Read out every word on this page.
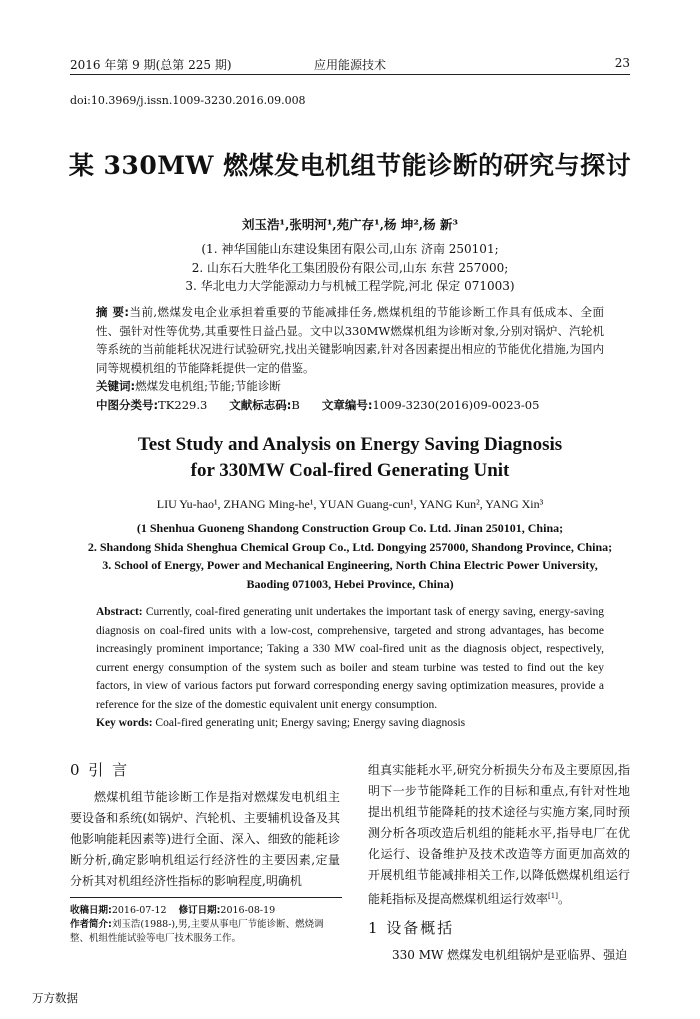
2016 年第 9 期(总第 225 期)	应用能源技术	23
doi:10.3969/j.issn.1009-3230.2016.09.008
某 330MW 燃煤发电机组节能诊断的研究与探讨
刘玉浩¹,张明河¹,苑广存¹,杨 坤²,杨 新³
(1. 神华国能山东建设集团有限公司,山东 济南 250101;
2. 山东石大胜华化工集团股份有限公司,山东 东营 257000;
3. 华北电力大学能源动力与机械工程学院,河北 保定 071003)
摘 要:当前,燃煤发电企业承担着重要的节能减排任务,燃煤机组的节能诊断工作具有低成本、全面性、强针对性等优势,其重要性日益凸显。文中以330MW燃煤机组为诊断对象,分别对锅炉、汽轮机等系统的当前能耗状况进行试验研究,找出关键影响因素,针对各因素提出相应的节能优化措施,为国内同等规模机组的节能降耗提供一定的借鉴。
关键词:燃煤发电机组;节能;节能诊断
中图分类号:TK229.3 文献标志码:B 文章编号:1009-3230(2016)09-0023-05
Test Study and Analysis on Energy Saving Diagnosis
for 330MW Coal-fired Generating Unit
LIU Yu-hao¹, ZHANG Ming-he¹, YUAN Guang-cun¹, YANG Kun², YANG Xin³
(1 Shenhua Guoneng Shandong Construction Group Co. Ltd. Jinan 250101, China;
2. Shandong Shida Shenghua Chemical Group Co., Ltd. Dongying 257000, Shandong Province, China;
3. School of Energy, Power and Mechanical Engineering, North China Electric Power University,
Baoding 071003, Hebei Province, China)
Abstract: Currently, coal-fired generating unit undertakes the important task of energy saving, energy-saving diagnosis on coal-fired units with a low-cost, comprehensive, targeted and strong advantages, has become increasingly prominent importance; Taking a 330 MW coal-fired unit as the diagnosis object, respectively, current energy consumption of the system such as boiler and steam turbine was tested to find out the key factors, in view of various factors put forward corresponding energy saving optimization measures, provide a reference for the size of the domestic equivalent unit energy consumption.
Key words: Coal-fired generating unit; Energy saving; Energy saving diagnosis
0 引 言

燃煤机组节能诊断工作是指对燃煤发电机组主要设备和系统(如锅炉、汽轮机、主要辅机设备及其他影响能耗因素等)进行全面、深入、细致的能耗诊断分析,确定影响机组运行经济性的主要因素,定量分析其对机组经济性指标的影响程度,明确机

组真实能耗水平,研究分析损失分布及主要原因,指明下一步节能降耗工作的目标和重点,有针对性地提出机组节能降耗的技术途径与实施方案,同时预测分析各项改造后机组的能耗水平,指导电厂在优化运行、设备维护及技术改造等方面更加高效的开展机组节能减排相关工作,以降低燃煤机组运行能耗指标及提高燃煤机组运行效率[1]。

1 设备概括

330 MW 燃煤发电机组锅炉是亚临界、强迫

收稿日期:2016-07-12 修订日期:2016-08-19
作者简介:刘玉浩(1988-),男,主要从事电厂节能诊断、燃烧调整、机组性能试验等电厂技术服务工作。
万方数据
